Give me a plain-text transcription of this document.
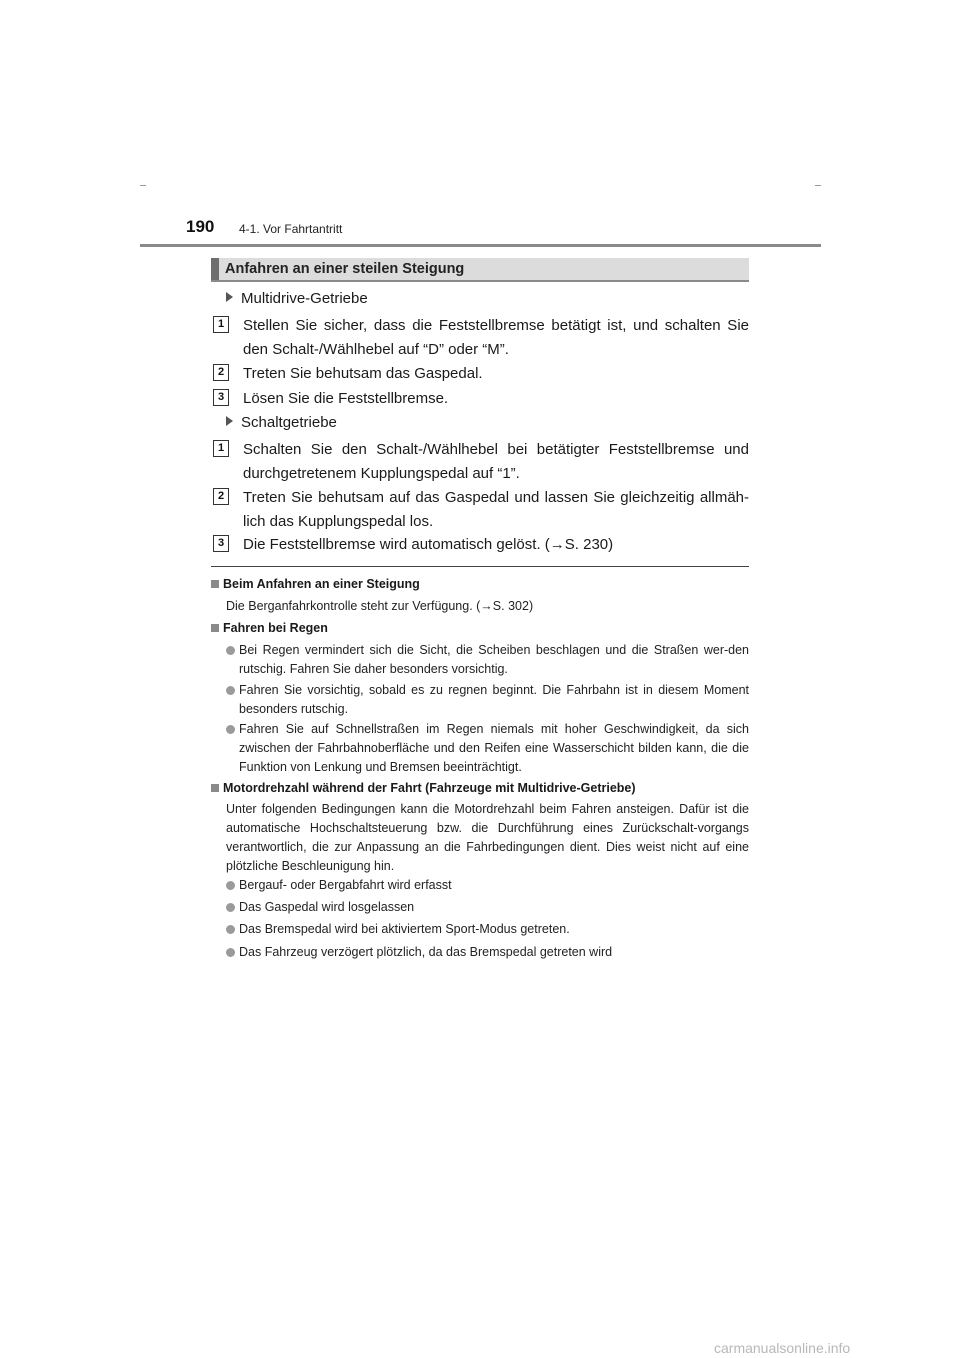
190 4-1. Vor Fahrtantritt
Anfahren an einer steilen Steigung
Multidrive-Getriebe
1	Stellen Sie sicher, dass die Feststellbremse betätigt ist, und schalten Sie den Schalt-/Wählhebel auf “D” oder “M”.
2	Treten Sie behutsam das Gaspedal.
3	Lösen Sie die Feststellbremse.
Schaltgetriebe
1	Schalten Sie den Schalt-/Wählhebel bei betätigter Feststellbremse und durchgetretenem Kupplungspedal auf “1”.
2	Treten Sie behutsam auf das Gaspedal und lassen Sie gleichzeitig allmäh-lich das Kupplungspedal los.
3	Die Feststellbremse wird automatisch gelöst. (→S. 230)
Beim Anfahren an einer Steigung
Die Berganfahrkontrolle steht zur Verfügung. (→S. 302)
Fahren bei Regen
Bei Regen vermindert sich die Sicht, die Scheiben beschlagen und die Straßen wer-den rutschig. Fahren Sie daher besonders vorsichtig.
Fahren Sie vorsichtig, sobald es zu regnen beginnt. Die Fahrbahn ist in diesem Moment besonders rutschig.
Fahren Sie auf Schnellstraßen im Regen niemals mit hoher Geschwindigkeit, da sich zwischen der Fahrbahnoberfläche und den Reifen eine Wasserschicht bilden kann, die die Funktion von Lenkung und Bremsen beeinträchtigt.
Motordrehzahl während der Fahrt (Fahrzeuge mit Multidrive-Getriebe)
Unter folgenden Bedingungen kann die Motordrehzahl beim Fahren ansteigen. Dafür ist die automatische Hochschaltsteuerung bzw. die Durchführung eines Zurückschalt-vorgangs verantwortlich, die zur Anpassung an die Fahrbedingungen dient. Dies weist nicht auf eine plötzliche Beschleunigung hin.
Bergauf- oder Bergabfahrt wird erfasst
Das Gaspedal wird losgelassen
Das Bremspedal wird bei aktiviertem Sport-Modus getreten.
Das Fahrzeug verzögert plötzlich, da das Bremspedal getreten wird
carmanualsonline.info
